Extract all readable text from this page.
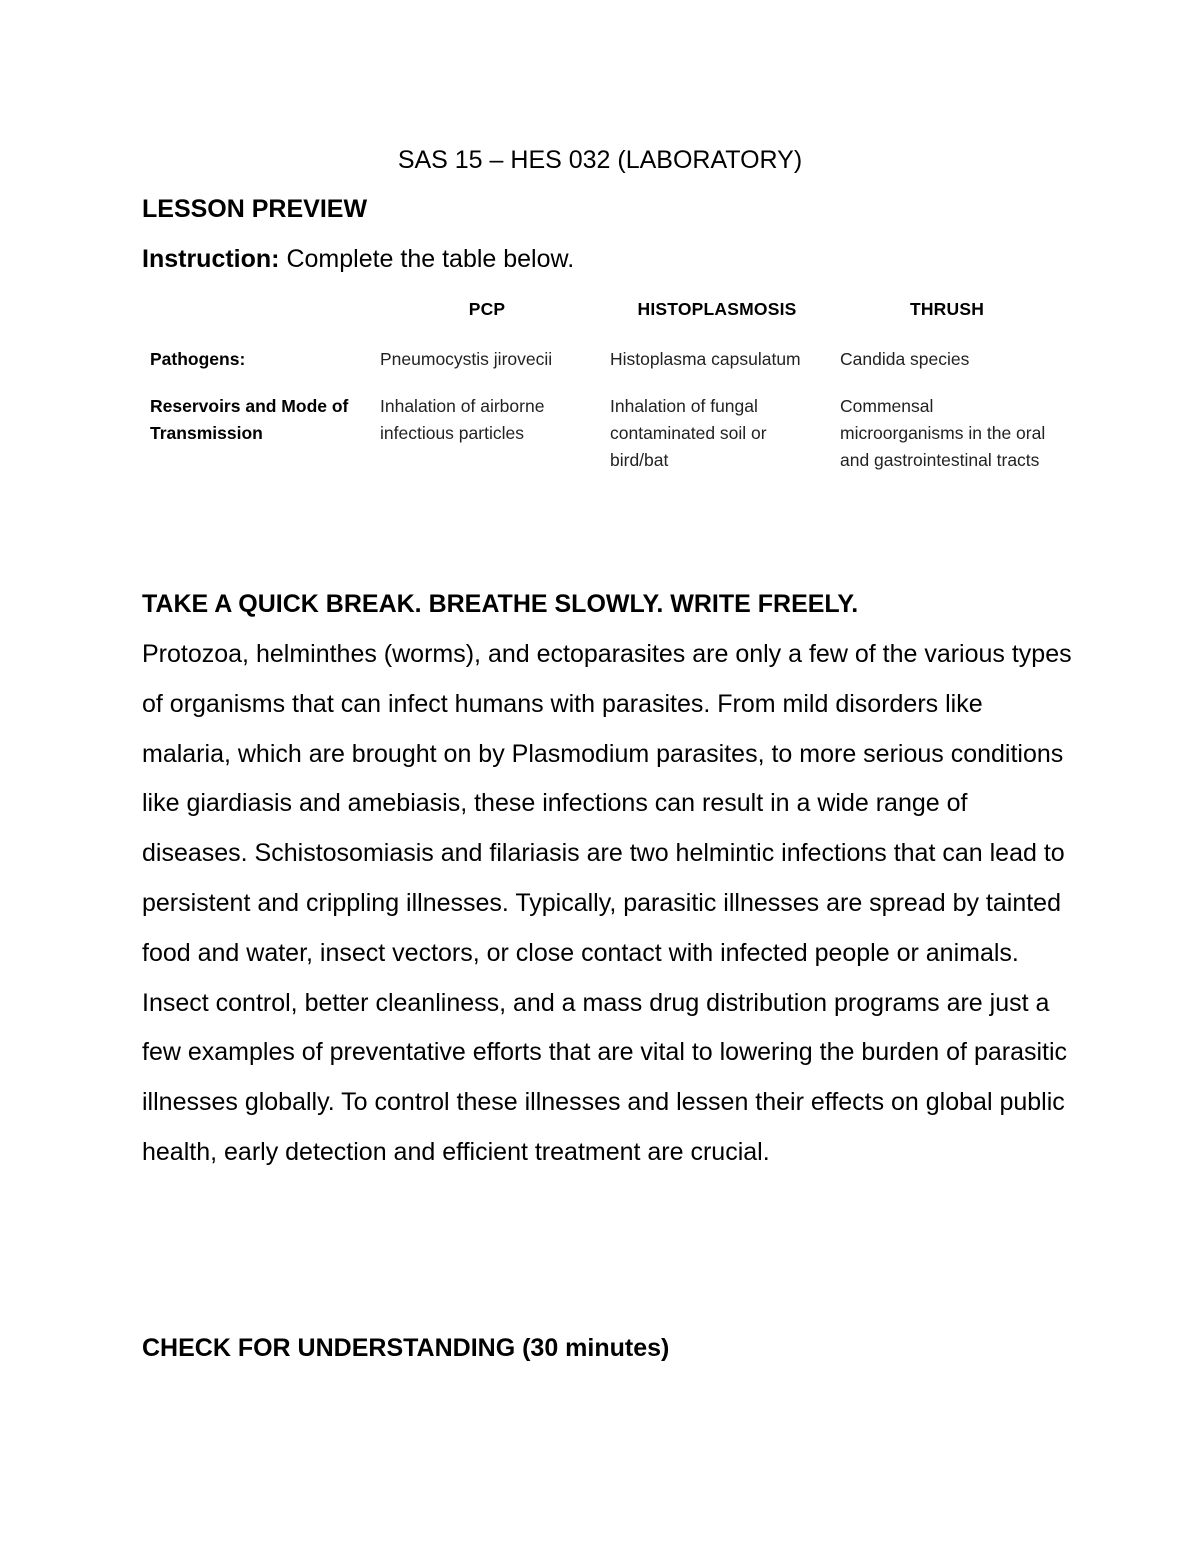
SAS 15 – HES 032 (LABORATORY)
LESSON PREVIEW
Instruction: Complete the table below.
	PCP	HISTOPLASMOSIS	THRUSH
Pathogens:	Pneumocystis jirovecii	Histoplasma capsulatum	Candida species
Reservoirs and Mode of Transmission	Inhalation of airborne infectious particles	Inhalation of fungal contaminated soil or bird/bat	Commensal microorganisms in the oral and gastrointestinal tracts
TAKE A QUICK BREAK. BREATHE SLOWLY. WRITE FREELY.
Protozoa, helminthes (worms), and ectoparasites are only a few of the various types of organisms that can infect humans with parasites. From mild disorders like malaria, which are brought on by Plasmodium parasites, to more serious conditions like giardiasis and amebiasis, these infections can result in a wide range of diseases. Schistosomiasis and filariasis are two helmintic infections that can lead to persistent and crippling illnesses. Typically, parasitic illnesses are spread by tainted food and water, insect vectors, or close contact with infected people or animals. Insect control, better cleanliness, and a mass drug distribution programs are just a few examples of preventative efforts that are vital to lowering the burden of parasitic illnesses globally. To control these illnesses and lessen their effects on global public health, early detection and efficient treatment are crucial.
CHECK FOR UNDERSTANDING (30 minutes)
